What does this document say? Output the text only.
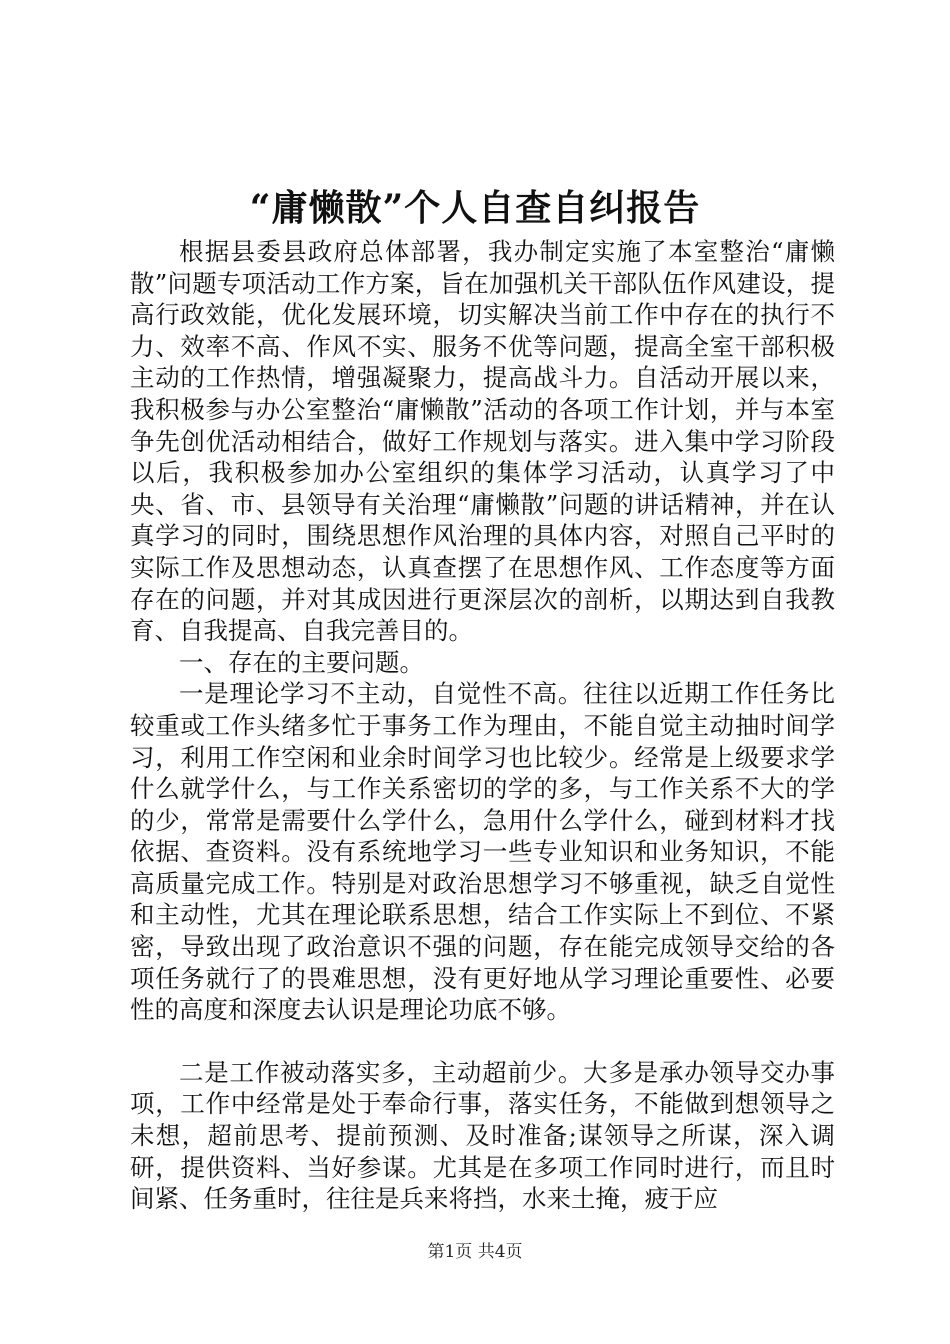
“庸懒散”个人自查自纠报告

根据县委县政府总体部署，我办制定实施了本室整治“庸懒散”问题专项活动工作方案，旨在加强机关干部队伍作风建设，提高行政效能，优化发展环境，切实解决当前工作中存在的执行不力、效率不高、作风不实、服务不优等问题，提高全室干部积极主动的工作热情，增强凝聚力，提高战斗力。自活动开展以来，我积极参与办公室整治“庸懒散”活动的各项工作计划，并与本室争先创优活动相结合，做好工作规划与落实。进入集中学习阶段以后，我积极参加办公室组织的集体学习活动，认真学习了中央、省、市、县领导有关治理“庸懒散”问题的讲话精神，并在认真学习的同时，围绕思想作风治理的具体内容，对照自己平时的实际工作及思想动态，认真查摆了在思想作风、工作态度等方面存在的问题，并对其成因进行更深层次的剖析，以期达到自我教育、自我提高、自我完善目的。

一、存在的主要问题。

一是理论学习不主动，自觉性不高。往往以近期工作任务比较重或工作头绪多忙于事务工作为理由，不能自觉主动抽时间学习，利用工作空闲和业余时间学习也比较少。经常是上级要求学什么就学什么，与工作关系密切的学的多，与工作关系不大的学的少，常常是需要什么学什么，急用什么学什么，碰到材料才找依据、查资料。没有系统地学习一些专业知识和业务知识，不能高质量完成工作。特别是对政治思想学习不够重视，缺乏自觉性和主动性，尤其在理论联系思想，结合工作实际上不到位、不紧密，导致出现了政治意识不强的问题，存在能完成领导交给的各项任务就行了的畏难思想，没有更好地从学习理论重要性、必要性的高度和深度去认识是理论功底不够。

二是工作被动落实多，主动超前少。大多是承办领导交办事项，工作中经常是处于奉命行事，落实任务，不能做到想领导之未想，超前思考、提前预测、及时准备;谋领导之所谋，深入调研，提供资料、当好参谋。尤其是在多项工作同时进行，而且时间紧、任务重时，往往是兵来将挡，水来土掩，疲于应

第1页 共4页
